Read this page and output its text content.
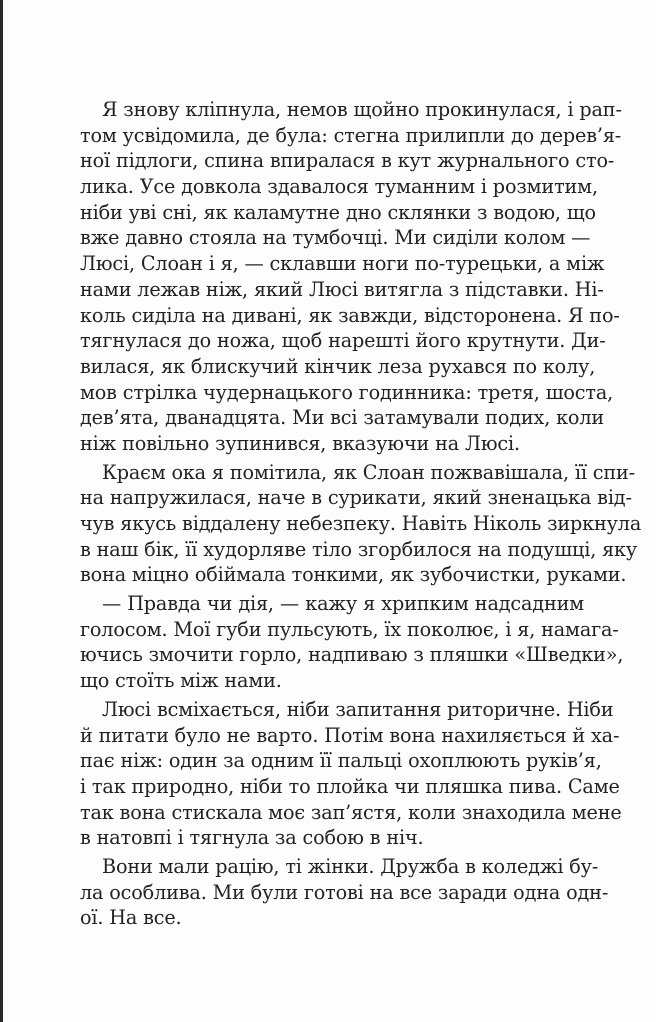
Я знову кліпнула, немов щойно прокинулася, і рап-
том усвідомила, де була: стегна прилипли до дерев’я-
ної підлоги, спина впиралася в кут журнального сто-
лика. Усе довкола здавалося туманним і розмитим,
ніби уві сні, як каламутне дно склянки з водою, що
вже давно стояла на тумбочці. Ми сиділи колом —
Люсі, Слоан і я, — склавши ноги по-турецьки, а між
нами лежав ніж, який Люсі витягла з підставки. Ні-
коль сиділа на дивані, як завжди, відсторонена. Я по-
тягнулася до ножа, щоб нарешті його крутнути. Ди-
вилася, як блискучий кінчик леза рухався по колу,
мов стрілка чудернацького годинника: третя, шоста,
дев’ята, дванадцята. Ми всі затамували подих, коли
ніж повільно зупинився, вказуючи на Люсі.
Краєм ока я помітила, як Слоан пожвавішала, її спи-
на напружилася, наче в сурикати, який зненацька від-
чув якусь віддалену небезпеку. Навіть Ніколь зиркнула
в наш бік, її худорляве тіло згорбилося на подушці, яку
вона міцно обіймала тонкими, як зубочистки, руками.
— Правда чи дія, — кажу я хрипким надсадним
голосом. Мої губи пульсують, їх поколює, і я, намага-
ючись змочити горло, надпиваю з пляшки «Шведки»,
що стоїть між нами.
Люсі всміхається, ніби запитання риторичне. Ніби
й питати було не варто. Потім вона нахиляється й ха-
пає ніж: один за одним її пальці охоплюють руків’я,
і так природно, ніби то плойка чи пляшка пива. Саме
так вона стискала моє зап’ястя, коли знаходила мене
в натовпі і тягнула за собою в ніч.
Вони мали рацію, ті жінки. Дружба в коледжі бу-
ла особлива. Ми були готові на все заради одна одн-
ої. На все.
